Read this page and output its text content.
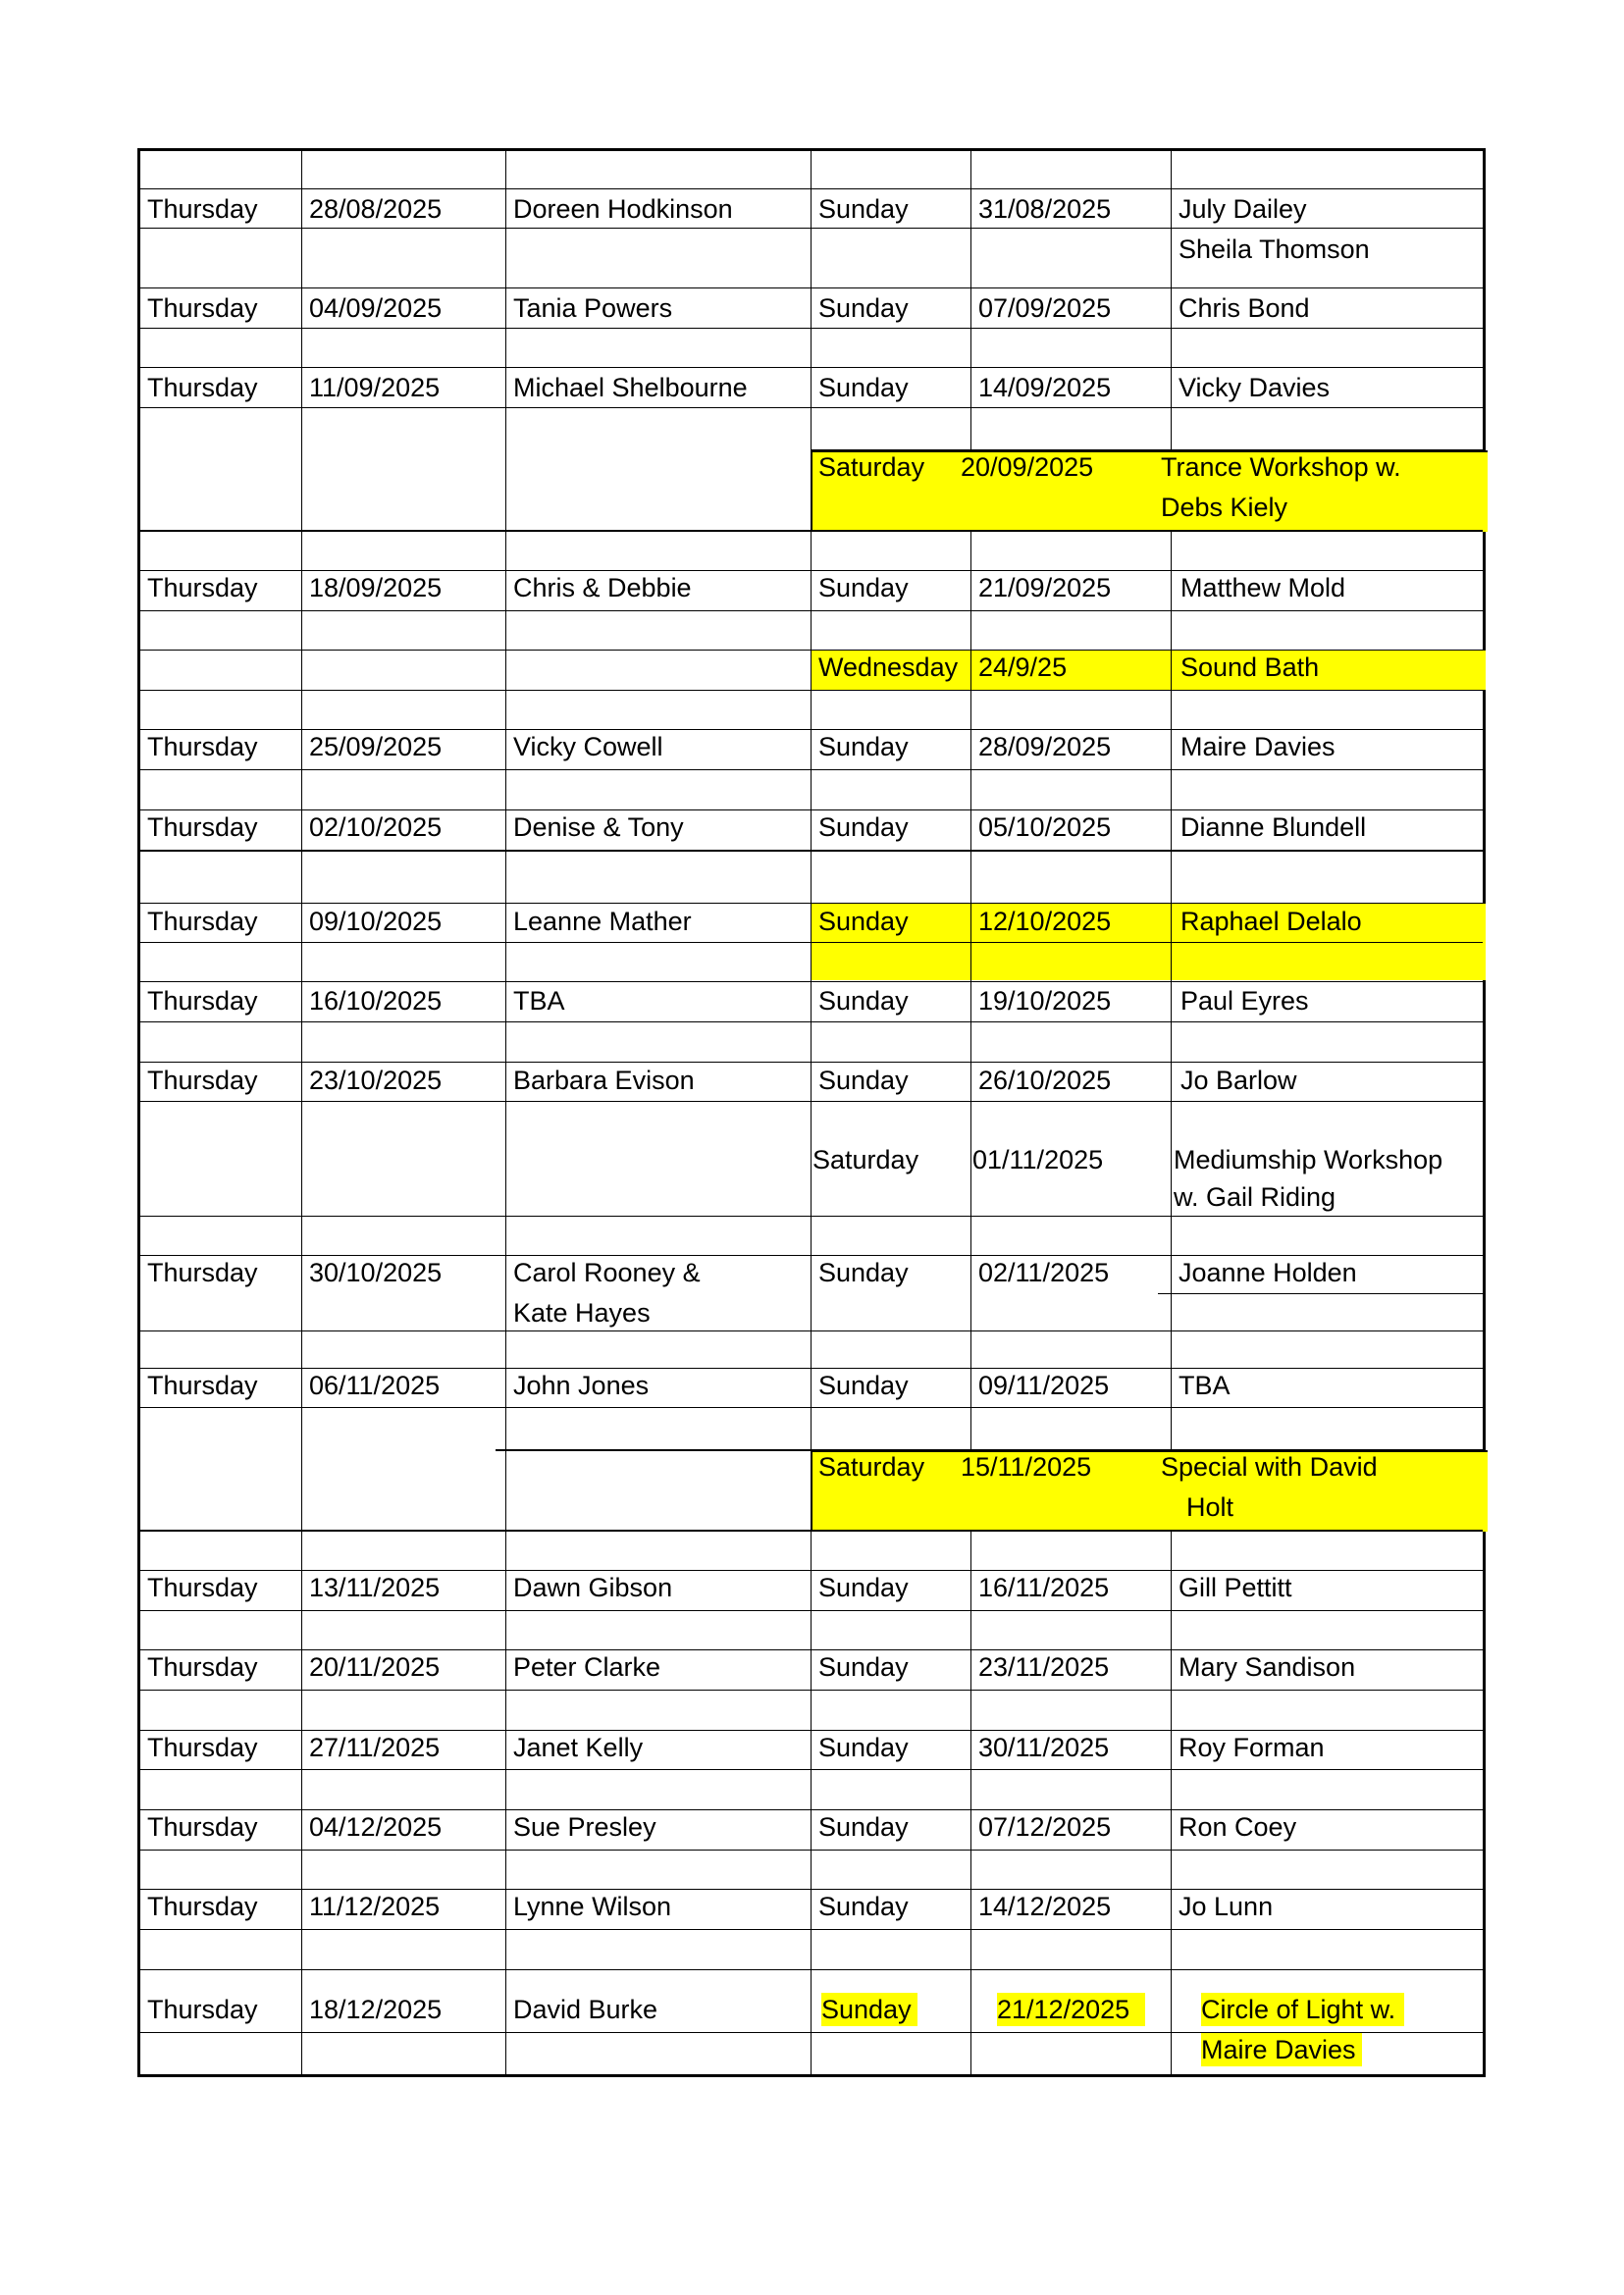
Thursday 28/08/2025	Doreen Hodkinson	Sunday	31/08/2025	July Dailey
Sheila Thomson
Thursday 04/09/2025	Tania Powers	Sunday	07/09/2025	Chris Bond
Thursday 11/09/2025	Michael Shelbourne	Sunday	14/09/2025	Vicky Davies
Saturday 20/09/2025	Trance Workshop w.
Debs Kiely
Thursday 18/09/2025	Chris & Debbie	Sunday	21/09/2025	Matthew Mold
Wednesday 24/9/25	Sound Bath
Thursday 25/09/2025	Vicky Cowell	Sunday	28/09/2025	Maire Davies
Thursday 02/10/2025	Denise & Tony	Sunday	05/10/2025	Dianne Blundell
Thursday 09/10/2025	Leanne Mather	Sunday	12/10/2025	Raphael Delalo
Thursday 16/10/2025	TBA	Sunday	19/10/2025	Paul Eyres
Thursday 23/10/2025	Barbara Evison	Sunday	26/10/2025	Jo Barlow
Saturday 01/11/2025	Mediumship Workshop
w. Gail Riding
Thursday 30/10/2025	Carol Rooney &	Sunday	02/11/2025	Joanne Holden
Kate Hayes
Thursday 06/11/2025	John Jones	Sunday	09/11/2025	TBA
Saturday 15/11/2025	Special with David
Holt
Thursday 13/11/2025	Dawn Gibson	Sunday	16/11/2025	Gill Pettitt
Thursday 20/11/2025	Peter Clarke	Sunday	23/11/2025	Mary Sandison
Thursday 27/11/2025	Janet Kelly	Sunday	30/11/2025	Roy Forman
Thursday 04/12/2025	Sue Presley	Sunday	07/12/2025	Ron Coey
Thursday 11/12/2025	Lynne Wilson	Sunday	14/12/2025	Jo Lunn
Thursday 18/12/2025	David Burke	Sunday	21/12/2025	Circle of Light w.
Maire Davies
